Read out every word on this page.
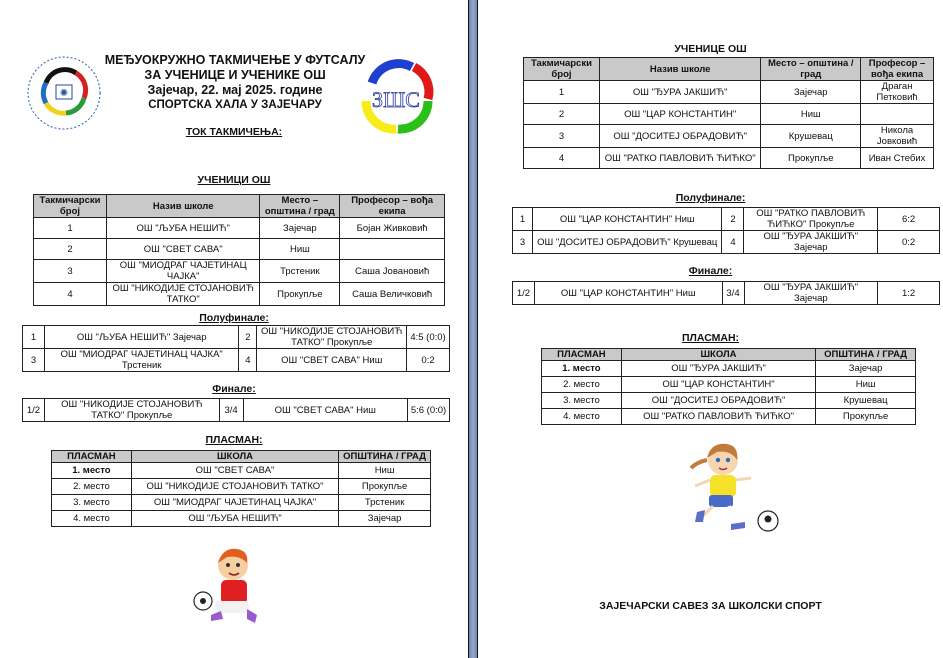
✺
МЕЂУОКРУЖНО ТАКМИЧЕЊЕ У ФУТСАЛУ
ЗА УЧЕНИЦЕ И УЧЕНИКЕ ОШ
Зајечар, 22. мај 2025. године
СПОРТСКА ХАЛА У ЗАЈЕЧАРУ	ЗШС
ТОК ТАКМИЧЕЊА:
УЧЕНИЦИ ОШ
Такмичарски број	Назив школе	Место – општина / град	Професор – вођа екипа
1	ОШ "ЉУБА НЕШИЋ"	Зајечар	Бојан Живковић
2	ОШ "СВЕТ САВА"	Ниш	
3	ОШ "МИОДРАГ ЧАЈЕТИНАЦ ЧАЈКА"	Трстеник	Саша Јовановић
4	ОШ "НИКОДИЈЕ СТОЈАНОВИЋ ТАТКО"	Прокупље	Саша Величковић
Полуфинале:
1	ОШ "ЉУБА НЕШИЋ" Зајечар	2	ОШ "НИКОДИЈЕ СТОЈАНОВИЋ ТАТКО" Прокупље	4:5 (0:0)
3	ОШ "МИОДРАГ ЧАЈЕТИНАЦ ЧАЈКА" Трстеник	4	ОШ "СВЕТ САВА" Ниш	0:2
Финале:
1/2	ОШ "НИКОДИЈЕ СТОЈАНОВИЋ ТАТКО" Прокупље	3/4	ОШ "СВЕТ САВА" Ниш	5:6 (0:0)
ПЛАСМАН:
ПЛАСМАН	ШКОЛА	ОПШТИНА / ГРАД
1. место	ОШ "СВЕТ САВА"	Ниш
2. место	ОШ "НИКОДИЈЕ СТОЈАНОВИЋ ТАТКО"	Прокупље
3. место	ОШ "МИОДРАГ ЧАЈЕТИНАЦ ЧАЈКА"	Трстеник
4. место	ОШ "ЉУБА НЕШИЋ"	Зајечар
УЧЕНИЦЕ ОШ
Такмичарски број	Назив школе	Место – општина / град	Професор – вођа екипа
1	ОШ "ЂУРА ЈАКШИЋ"	Зајечар	Драган Петковић
2	ОШ "ЦАР КОНСТАНТИН"	Ниш	
3	ОШ "ДОСИТЕЈ ОБРАДОВИЋ"	Крушевац	Никола Јовковић
4	ОШ "РАТКО ПАВЛОВИЋ ЋИЋКО"	Прокупље	Иван Стебих
Полуфинале:
1	ОШ "ЦАР КОНСТАНТИН" Ниш	2	ОШ "РАТКО ПАВЛОВИЋ ЋИЋКО" Прокупље	6:2
3	ОШ "ДОСИТЕЈ ОБРАДОВИЋ" Крушевац	4	ОШ "ЂУРА ЈАКШИЋ" Зајечар	0:2
Финале:
1/2	ОШ "ЦАР КОНСТАНТИН" Ниш	3/4	ОШ "ЂУРА ЈАКШИЋ" Зајечар	1:2
ПЛАСМАН:
ПЛАСМАН	ШКОЛА	ОПШТИНА / ГРАД
1. место	ОШ "ЂУРА ЈАКШИЋ"	Зајечар
2. место	ОШ "ЦАР КОНСТАНТИН"	Ниш
3. место	ОШ "ДОСИТЕЈ ОБРАДОВИЋ"	Крушевац
4. место	ОШ "РАТКО ПАВЛОВИЋ ЋИЋКО"	Прокупље
ЗАЈЕЧАРСКИ САВЕЗ ЗА ШКОЛСКИ СПОРТ
